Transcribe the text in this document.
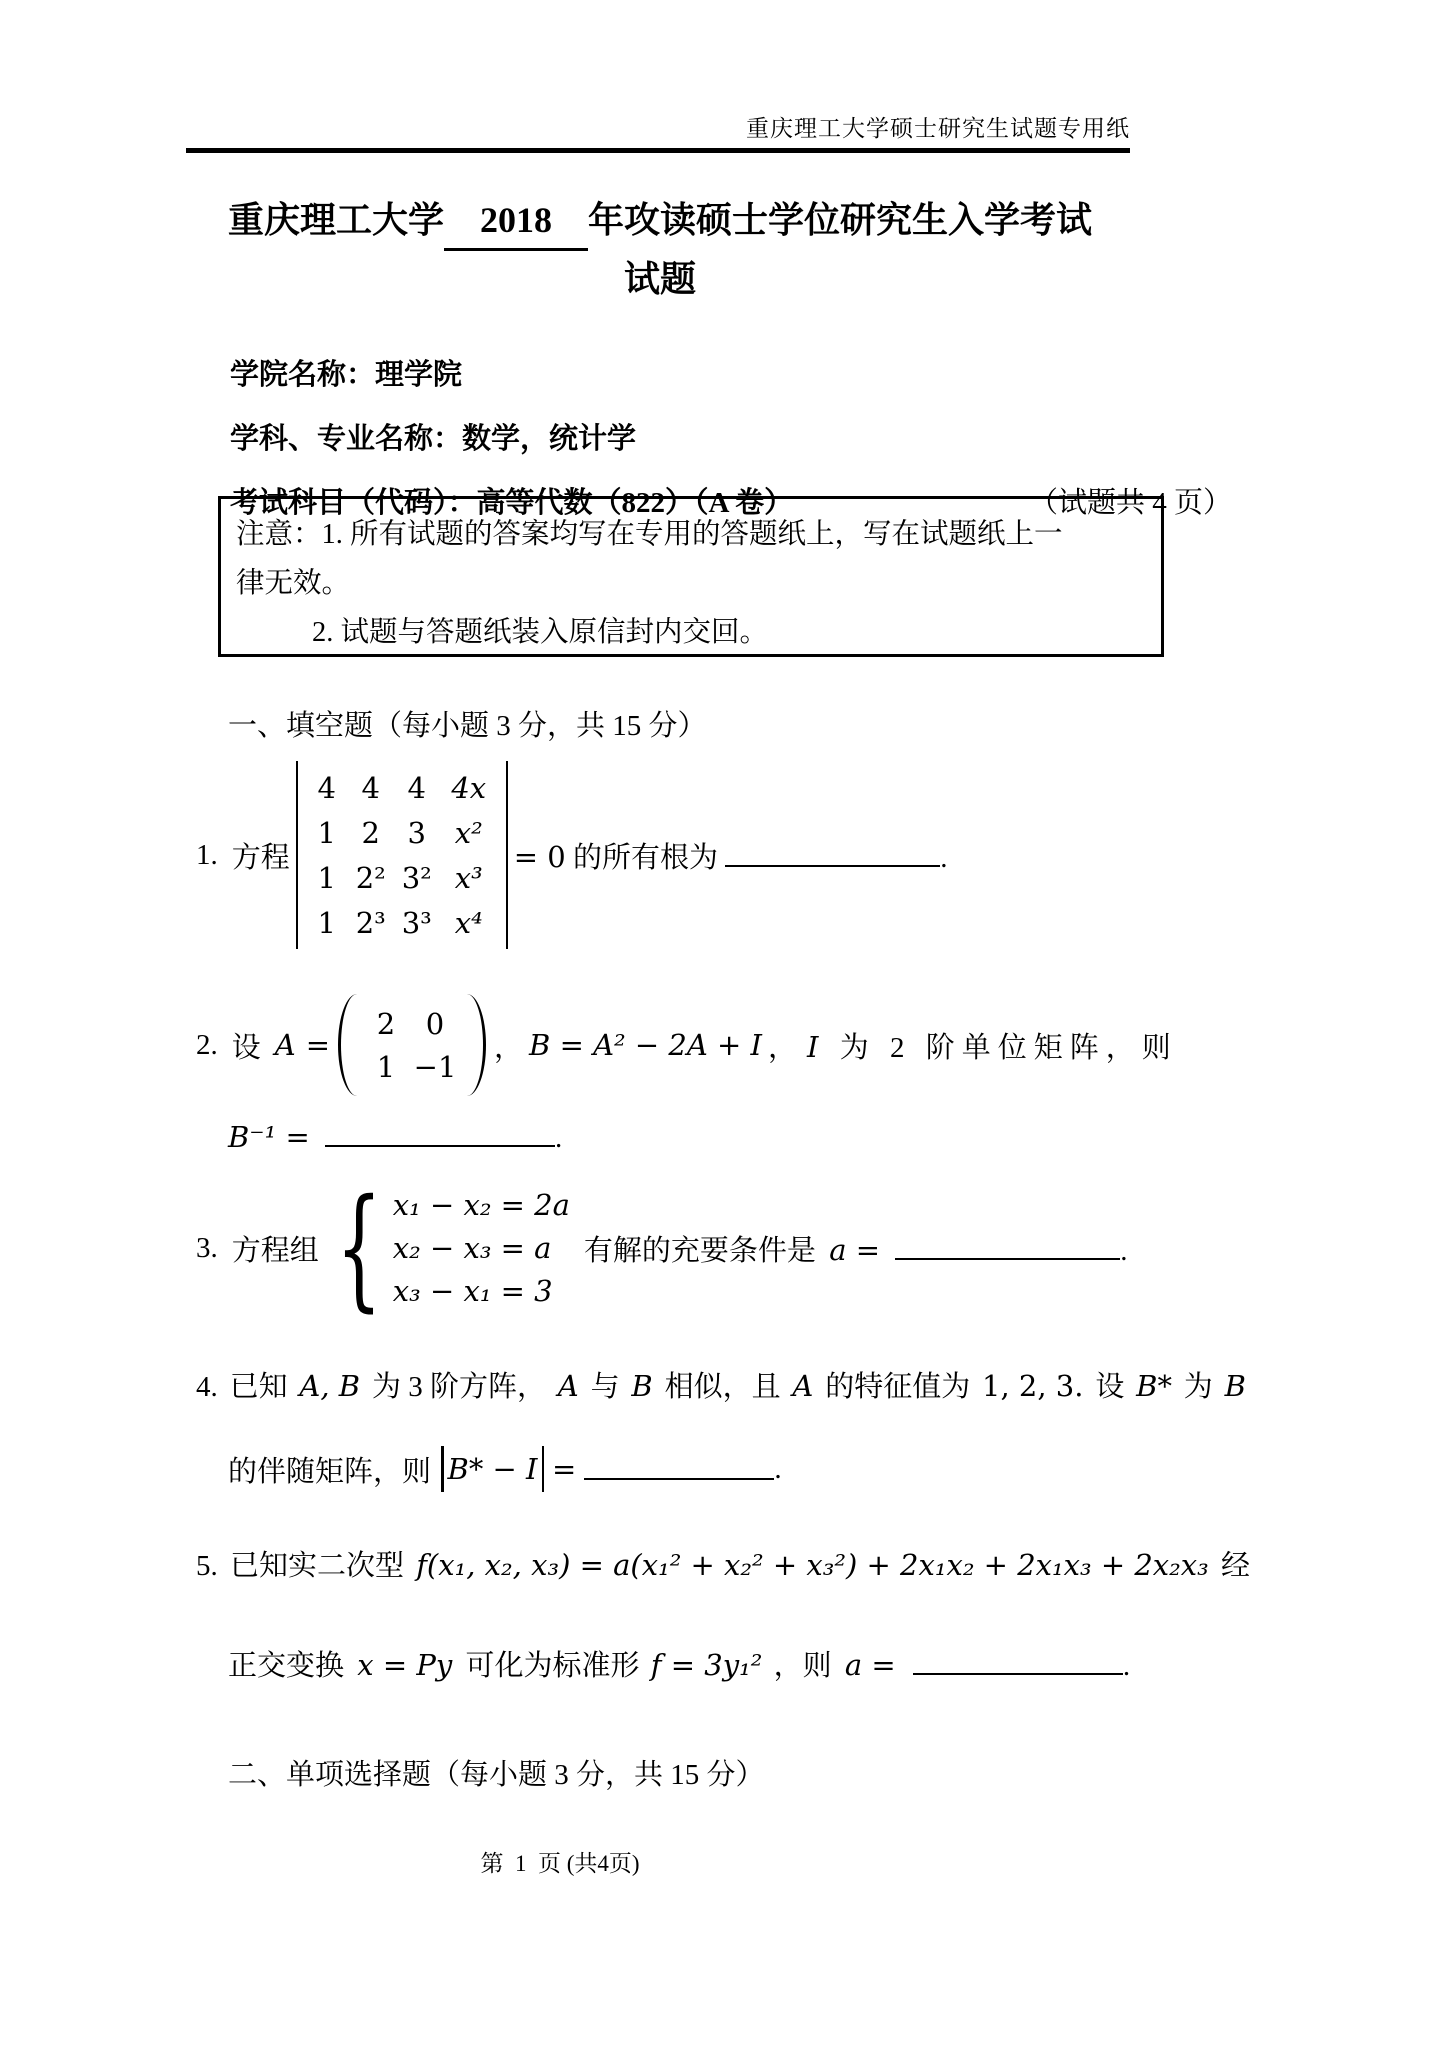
重庆理工大学硕士研究生试题专用纸
重庆理工大学 2018 年攻读硕士学位研究生入学考试
试题
学院名称：理学院
学科、专业名称：数学，统计学
考试科目（代码）：高等代数（822）（A 卷）	（试题共 4 页）
注意：1. 所有试题的答案均写在专用的答题纸上，写在试题纸上一
律无效。
2. 试题与答题纸装入原信封内交回。
一、填空题（每小题 3 分，共 15 分）
1. 方程
4 4 4 4x
1 2 3 x²
1 2² 3² x³
1 2³ 3³ x⁴
= 0 的所有根为	.
2. 设 A =
2	0
1 −1
， B = A² − 2A + I ， I 为 2 阶单位矩阵，则
B⁻¹ =	.
3. 方程组 { x₁ − x₂ = 2a
x₂ − x₃ = a
x₃ − x₁ = 3
有解的充要条件是 a =	.
4. 已知 A, B 为 3 阶方阵， A 与 B 相似，且 A 的特征值为 1, 2, 3. 设 B* 为 B
的伴随矩阵，则 B* − I =	.
5. 已知实二次型 f(x₁, x₂, x₃) = a(x₁² + x₂² + x₃²) + 2x₁x₂ + 2x₁x₃ + 2x₂x₃ 经
正交变换 x = Py 可化为标准形 f = 3y₁² ，则 a =	.
二、单项选择题（每小题 3 分，共 15 分）
第  1  页 (共4页)
